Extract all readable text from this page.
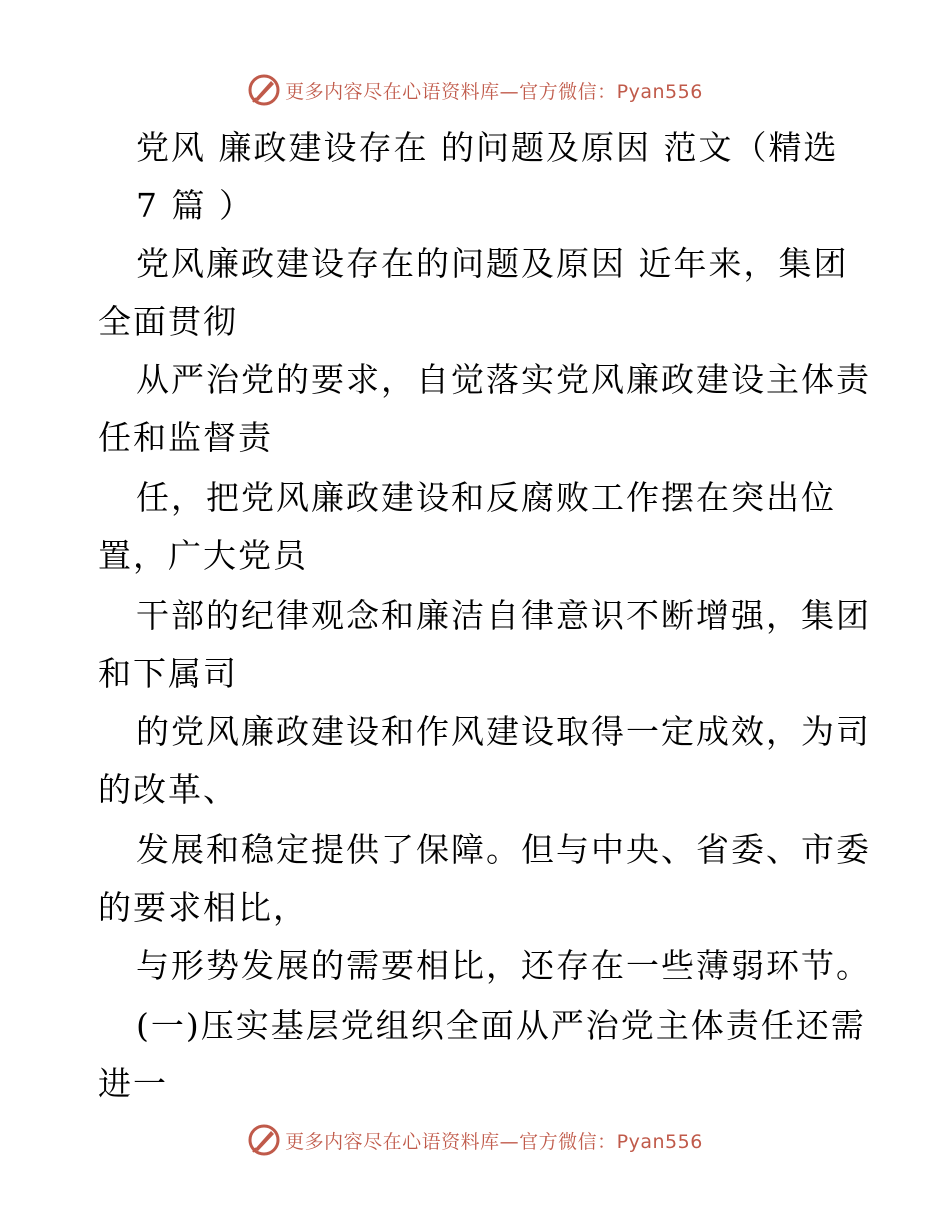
更多内容尽在心语资料库—官方微信：Pyan556
党风 廉政建设存在 的问题及原因 范文（精选
7 篇 ）
党风廉政建设存在的问题及原因 近年来，集团
全面贯彻
从严治党的要求，自觉落实党风廉政建设主体责
任和监督责
任，把党风廉政建设和反腐败工作摆在突出位
置，广大党员
干部的纪律观念和廉洁自律意识不断增强，集团
和下属司
的党风廉政建设和作风建设取得一定成效，为司
的改革、
发展和稳定提供了保障。但与中央、省委、市委
的要求相比，
与形势发展的需要相比，还存在一些薄弱环节。
(一)压实基层党组织全面从严治党主体责任还需
进一
更多内容尽在心语资料库—官方微信：Pyan556
